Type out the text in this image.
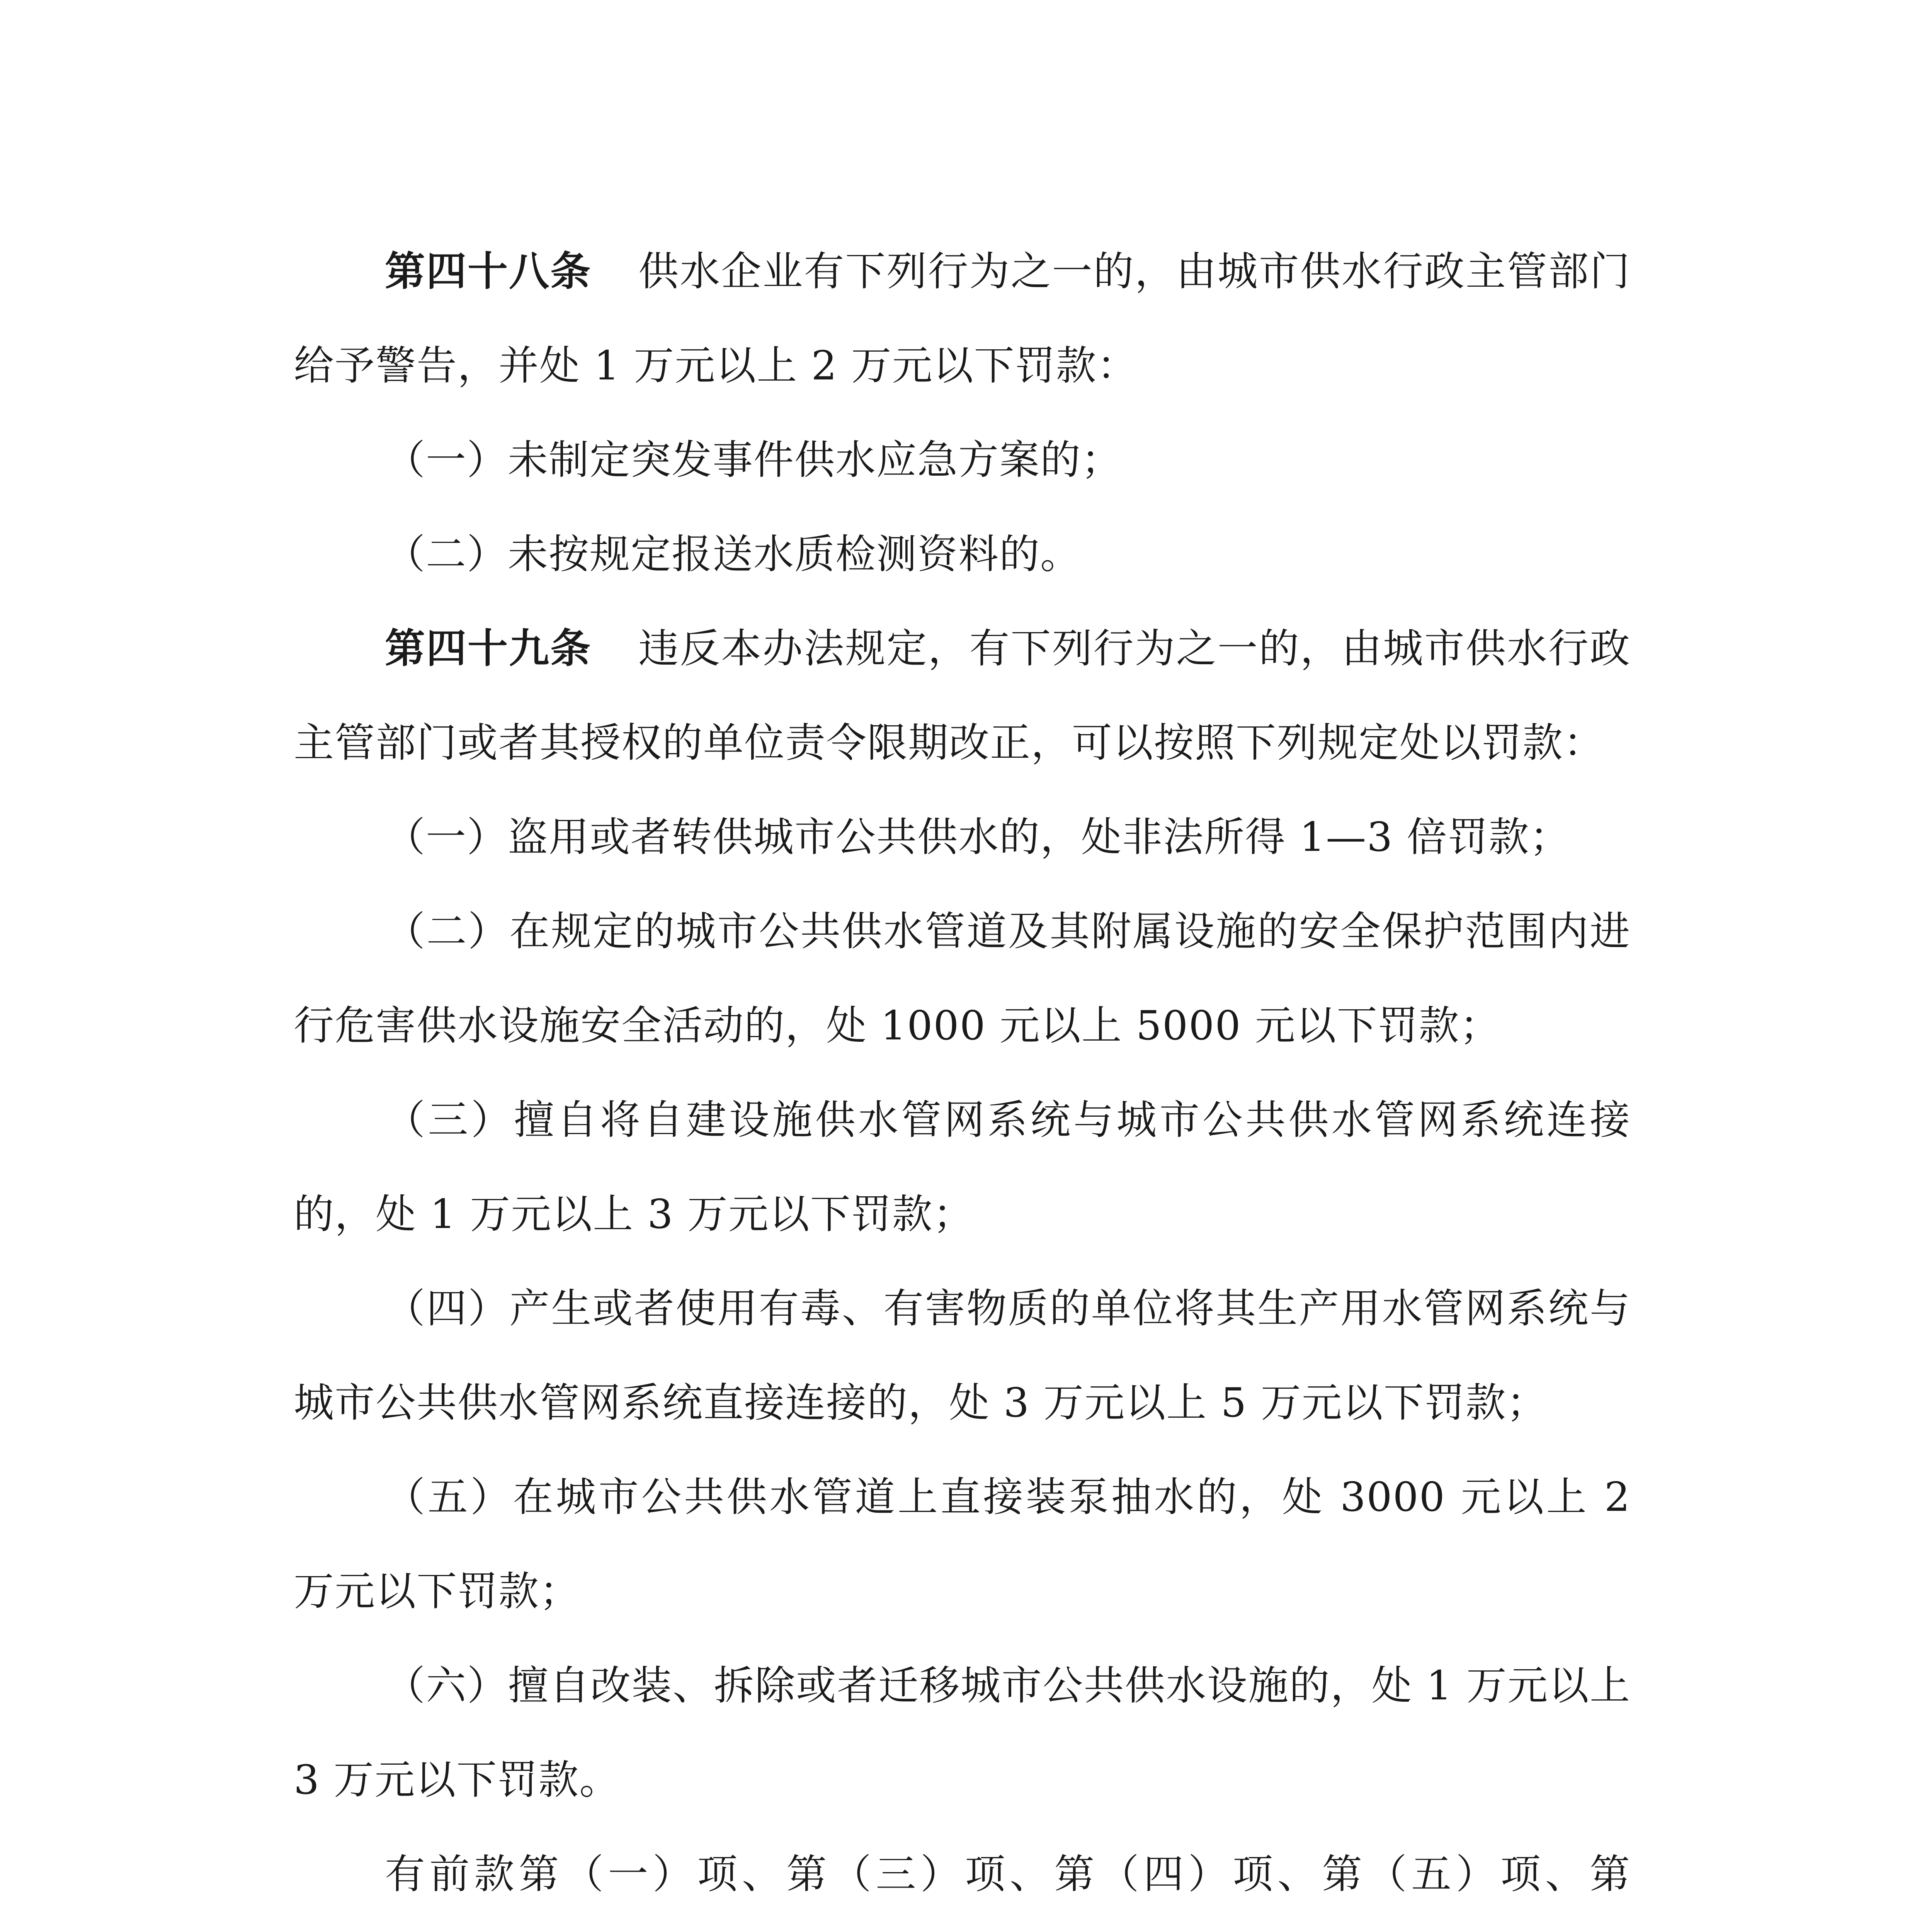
第四十八条 供水企业有下列行为之一的，由城市供水行政主管部门给予警告，并处 1 万元以上 2 万元以下罚款：

（一）未制定突发事件供水应急方案的；

（二）未按规定报送水质检测资料的。

第四十九条 违反本办法规定，有下列行为之一的，由城市供水行政主管部门或者其授权的单位责令限期改正，可以按照下列规定处以罚款：

（一）盗用或者转供城市公共供水的，处非法所得 1—3 倍罚款；

（二）在规定的城市公共供水管道及其附属设施的安全保护范围内进行危害供水设施安全活动的，处 1000 元以上 5000 元以下罚款；

（三）擅自将自建设施供水管网系统与城市公共供水管网系统连接的，处 1 万元以上 3 万元以下罚款；

（四）产生或者使用有毒、有害物质的单位将其生产用水管网系统与城市公共供水管网系统直接连接的，处 3 万元以上 5 万元以下罚款；

（五）在城市公共供水管道上直接装泵抽水的，处 3000 元以上 2 万元以下罚款；

（六）擅自改装、拆除或者迁移城市公共供水设施的，处 1 万元以上 3 万元以下罚款。

有前款第（一）项、第（三）项、第（四）项、第（五）项、第
